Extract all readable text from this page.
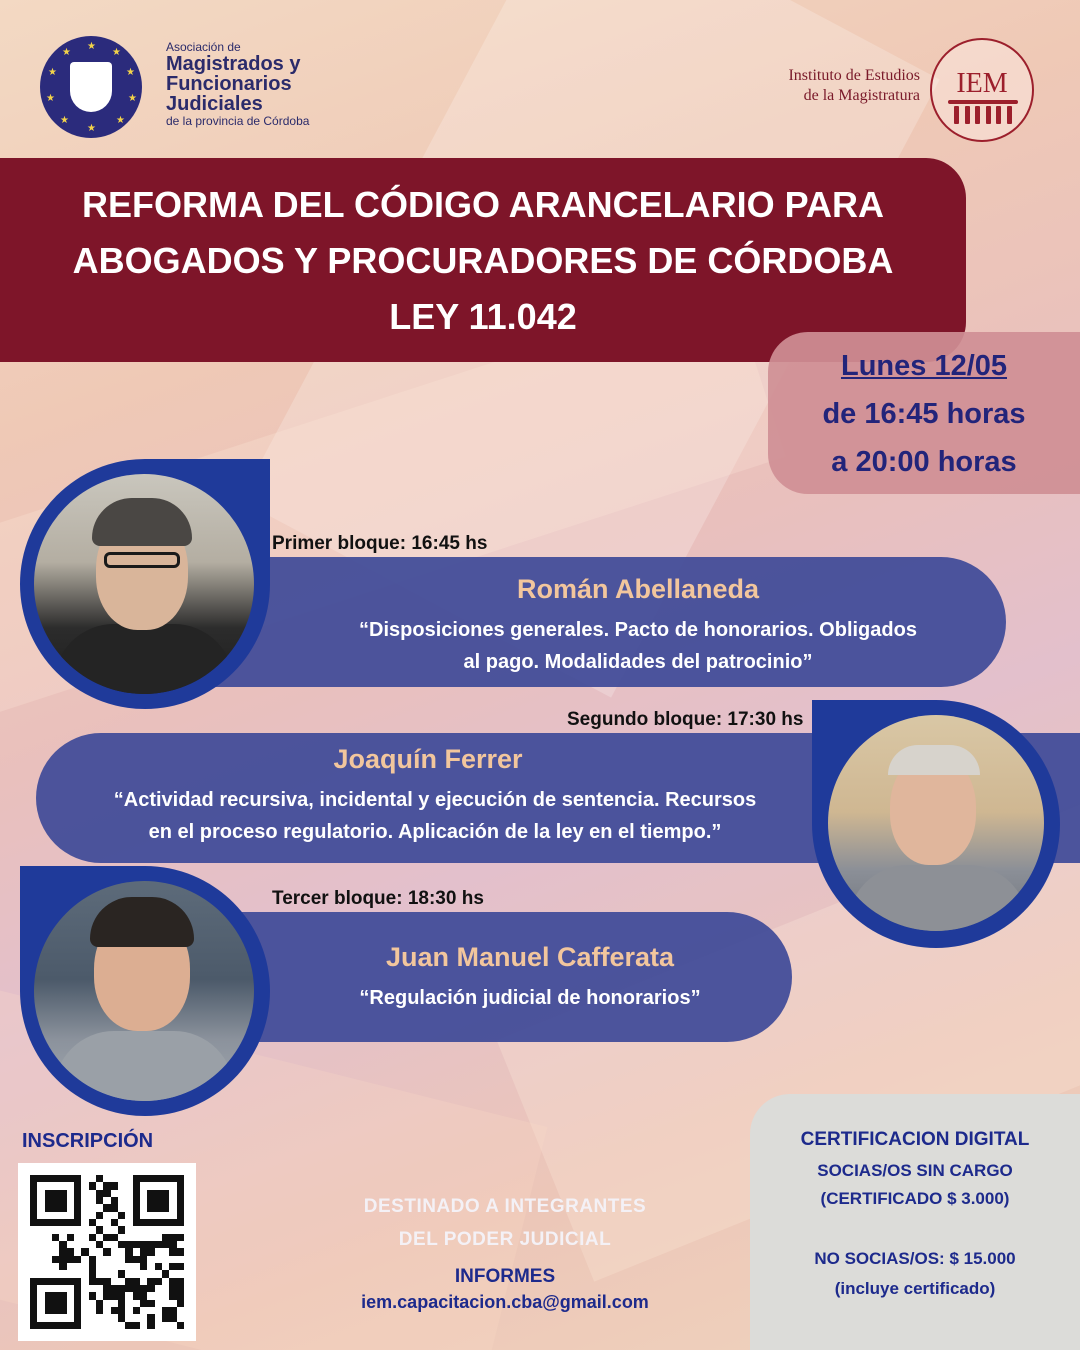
★
★
★
★
★
★
★
★
★
★	Asociación de
Magistrados y
Funcionarios
Judiciales
de la provincia de Córdoba
Instituto de Estudios
de la Magistratura	IEM
REFORMA DEL CÓDIGO ARANCELARIO PARA
ABOGADOS Y PROCURADORES DE CÓRDOBA
LEY 11.042
Lunes 12/05
de 16:45 horas
a 20:00 horas
Primer bloque: 16:45 hs
Román Abellaneda
“Disposiciones generales. Pacto de honorarios. Obligados
al pago. Modalidades del patrocinio”
Segundo bloque: 17:30 hs
Joaquín Ferrer
“Actividad recursiva, incidental y ejecución de sentencia. Recursos
en el proceso regulatorio. Aplicación de la ley en el tiempo.”
Tercer bloque: 18:30 hs
Juan Manuel Cafferata
“Regulación judicial de honorarios”
INSCRIPCIÓN
DESTINADO A INTEGRANTES
DEL PODER JUDICIAL
INFORMES
iem.capacitacion.cba@gmail.com
CERTIFICACION DIGITAL
SOCIAS/OS SIN CARGO
(CERTIFICADO $ 3.000)
NO SOCIAS/OS: $ 15.000
(incluye certificado)
